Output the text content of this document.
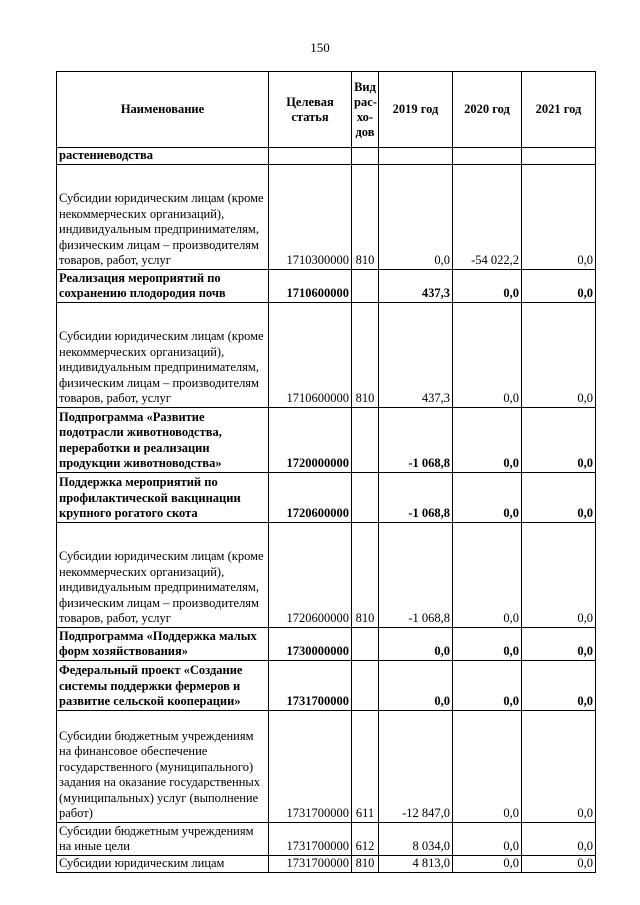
150
Наименование	Целевая статья	Вид рас-хо-дов	2019 год	2020 год	2021 год
растениеводства					
Субсидии юридическим лицам (кроме некоммерческих организаций), индивидуальным предпринимателям, физическим лицам – производителям товаров, работ, услуг	1710300000	810	0,0	-54 022,2	0,0
Реализация мероприятий по сохранению плодородия почв	1710600000		437,3	0,0	0,0
Субсидии юридическим лицам (кроме некоммерческих организаций), индивидуальным предпринимателям, физическим лицам – производителям товаров, работ, услуг	1710600000	810	437,3	0,0	0,0
Подпрограмма «Развитие подотрасли животноводства, переработки и реализации продукции животноводства»	1720000000		-1 068,8	0,0	0,0
Поддержка мероприятий по профилактической вакцинации крупного рогатого скота	1720600000		-1 068,8	0,0	0,0
Субсидии юридическим лицам (кроме некоммерческих организаций), индивидуальным предпринимателям, физическим лицам – производителям товаров, работ, услуг	1720600000	810	-1 068,8	0,0	0,0
Подпрограмма «Поддержка малых форм хозяйствования»	1730000000		0,0	0,0	0,0
Федеральный проект «Создание системы поддержки фермеров и развитие сельской кооперации»	1731700000		0,0	0,0	0,0
Субсидии бюджетным учреждениям на финансовое обеспечение государственного (муниципального) задания на оказание государственных (муниципальных) услуг (выполнение работ)	1731700000	611	-12 847,0	0,0	0,0
Субсидии бюджетным учреждениям на иные цели	1731700000	612	8 034,0	0,0	0,0
Субсидии юридическим лицам	1731700000	810	4 813,0	0,0	0,0
